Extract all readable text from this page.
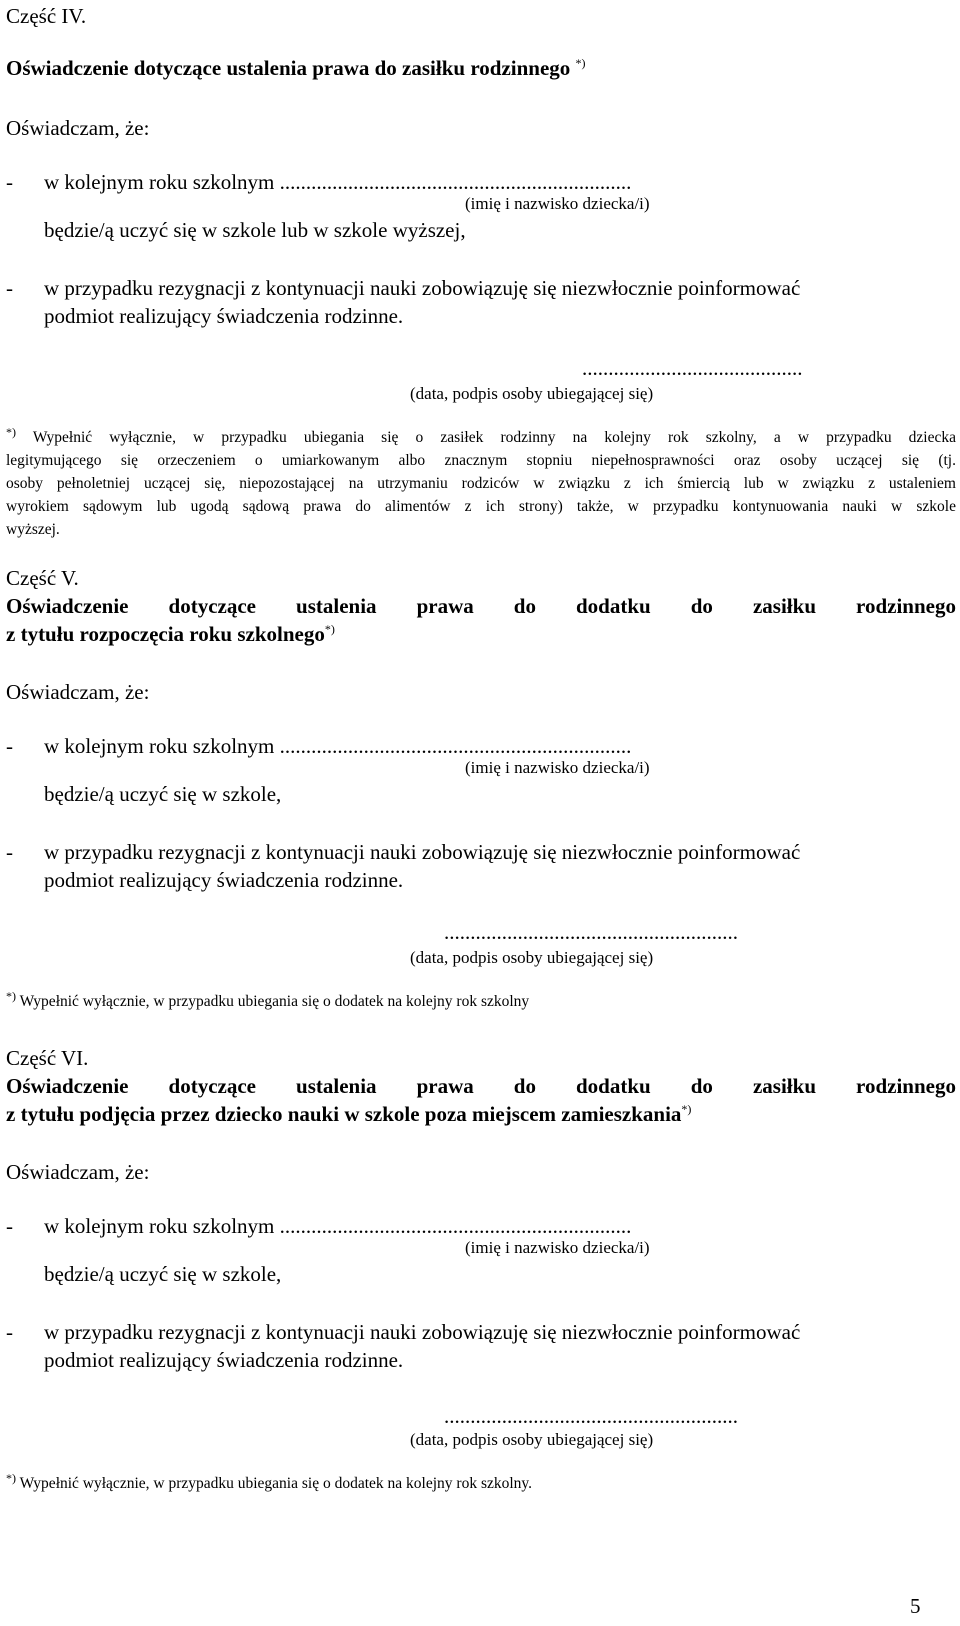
Część IV.
Oświadczenie dotyczące ustalenia prawa do zasiłku rodzinnego *)
Oświadczam, że:
- w kolejnym roku szkolnym ...................................................................
(imię i nazwisko dziecka/i)
będzie/ą uczyć się w szkole lub w szkole wyższej,
- w przypadku rezygnacji z kontynuacji nauki zobowiązuję się niezwłocznie poinformować
podmiot realizujący świadczenia rodzinne.
..........................................
(data, podpis osoby ubiegającej się)
*) Wypełnić wyłącznie, w przypadku ubiegania się o zasiłek rodzinny na kolejny rok szkolny, a w przypadku dziecka
legitymującego się orzeczeniem o umiarkowanym albo znacznym stopniu niepełnosprawności oraz osoby uczącej się (tj.
osoby pełnoletniej uczącej się, niepozostającej na utrzymaniu rodziców w związku z ich śmiercią lub w związku z ustaleniem
wyrokiem sądowym lub ugodą sądową prawa do alimentów z ich strony) także, w przypadku kontynuowania nauki w szkole
wyższej.
Część V.
Oświadczenie dotyczące ustalenia prawa do dodatku do zasiłku rodzinnego
z tytułu rozpoczęcia roku szkolnego*)
Oświadczam, że:
- w kolejnym roku szkolnym ...................................................................
(imię i nazwisko dziecka/i)
będzie/ą uczyć się w szkole,
- w przypadku rezygnacji z kontynuacji nauki zobowiązuję się niezwłocznie poinformować
podmiot realizujący świadczenia rodzinne.
........................................................
(data, podpis osoby ubiegającej się)
*) Wypełnić wyłącznie, w przypadku ubiegania się o dodatek na kolejny rok szkolny
Część VI.
Oświadczenie dotyczące ustalenia prawa do dodatku do zasiłku rodzinnego
z tytułu podjęcia przez dziecko nauki w szkole poza miejscem zamieszkania*)
Oświadczam, że:
- w kolejnym roku szkolnym ...................................................................
(imię i nazwisko dziecka/i)
będzie/ą uczyć się w szkole,
- w przypadku rezygnacji z kontynuacji nauki zobowiązuję się niezwłocznie poinformować
podmiot realizujący świadczenia rodzinne.
........................................................
(data, podpis osoby ubiegającej się)
*) Wypełnić wyłącznie, w przypadku ubiegania się o dodatek na kolejny rok szkolny.
5
